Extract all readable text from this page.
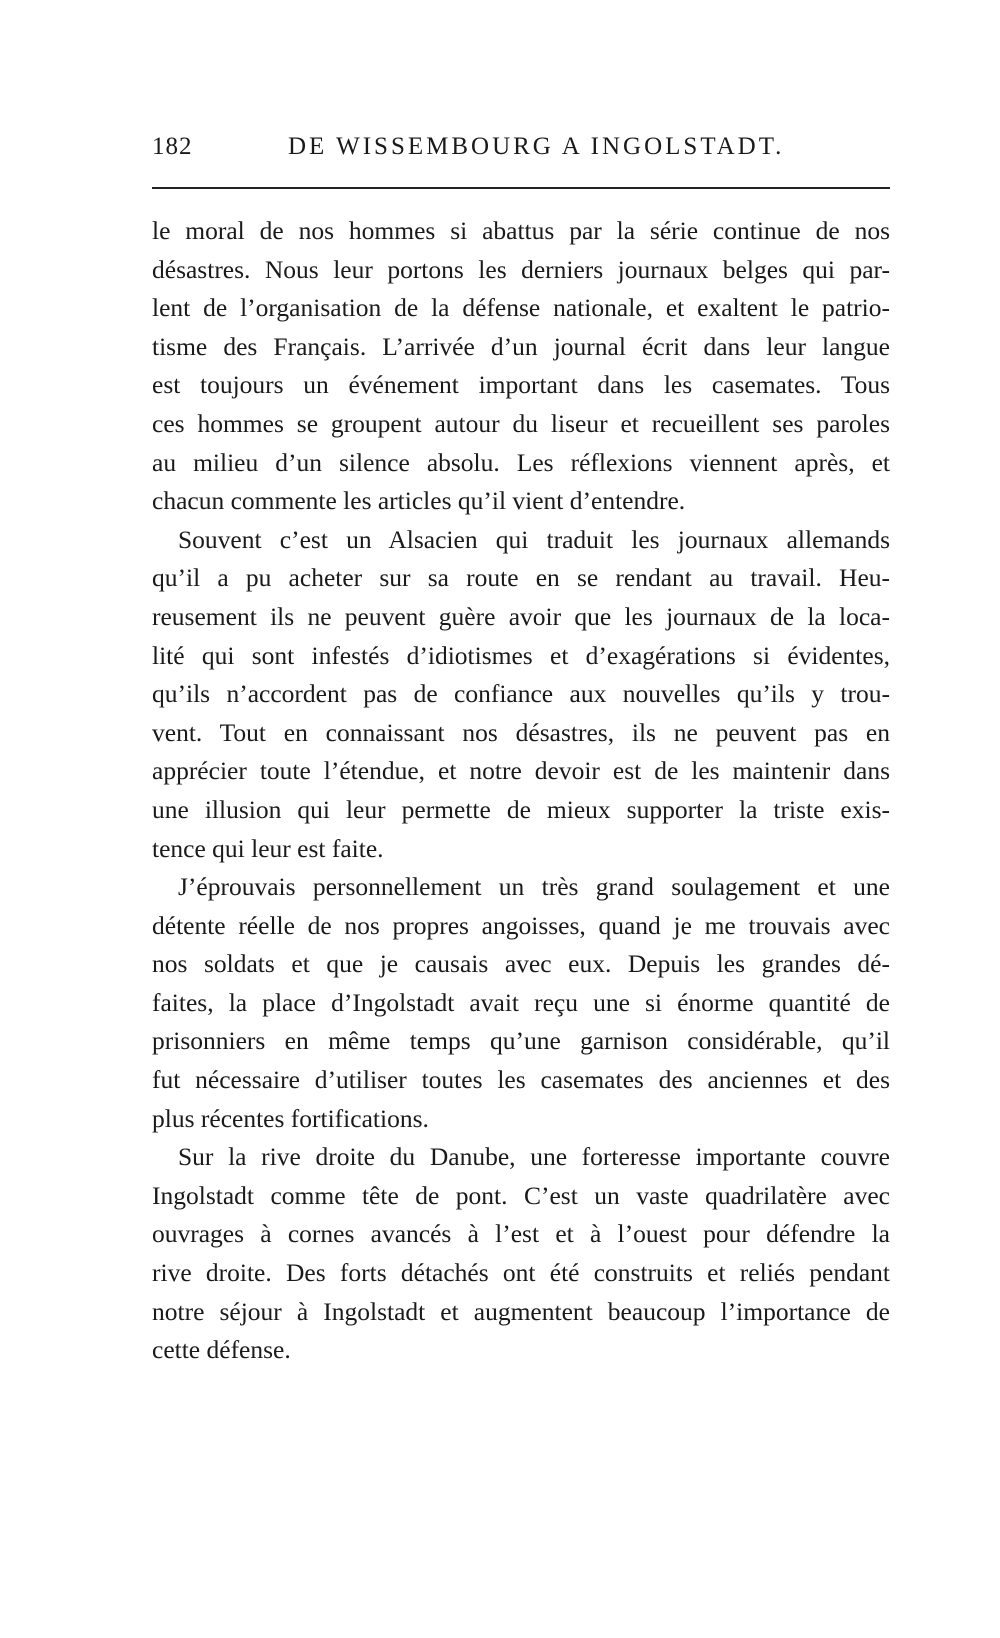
182	DE WISSEMBOURG A INGOLSTADT.
le moral de nos hommes si abattus par la série continue de nos
désastres. Nous leur portons les derniers journaux belges qui par-
lent de l’organisation de la défense nationale, et exaltent le patrio-
tisme des Français. L’arrivée d’un journal écrit dans leur langue
est toujours un événement important dans les casemates. Tous
ces hommes se groupent autour du liseur et recueillent ses paroles
au milieu d’un silence absolu. Les réflexions viennent après, et
chacun commente les articles qu’il vient d’entendre.
Souvent c’est un Alsacien qui traduit les journaux allemands
qu’il a pu acheter sur sa route en se rendant au travail. Heu-
reusement ils ne peuvent guère avoir que les journaux de la loca-
lité qui sont infestés d’idiotismes et d’exagérations si évidentes,
qu’ils n’accordent pas de confiance aux nouvelles qu’ils y trou-
vent. Tout en connaissant nos désastres, ils ne peuvent pas en
apprécier toute l’étendue, et notre devoir est de les maintenir dans
une illusion qui leur permette de mieux supporter la triste exis-
tence qui leur est faite.
J’éprouvais personnellement un très grand soulagement et une
détente réelle de nos propres angoisses, quand je me trouvais avec
nos soldats et que je causais avec eux. Depuis les grandes dé-
faites, la place d’Ingolstadt avait reçu une si énorme quantité de
prisonniers en même temps qu’une garnison considérable, qu’il
fut nécessaire d’utiliser toutes les casemates des anciennes et des
plus récentes fortifications.
Sur la rive droite du Danube, une forteresse importante couvre
Ingolstadt comme tête de pont. C’est un vaste quadrilatère avec
ouvrages à cornes avancés à l’est et à l’ouest pour défendre la
rive droite. Des forts détachés ont été construits et reliés pendant
notre séjour à Ingolstadt et augmentent beaucoup l’importance de
cette défense.
